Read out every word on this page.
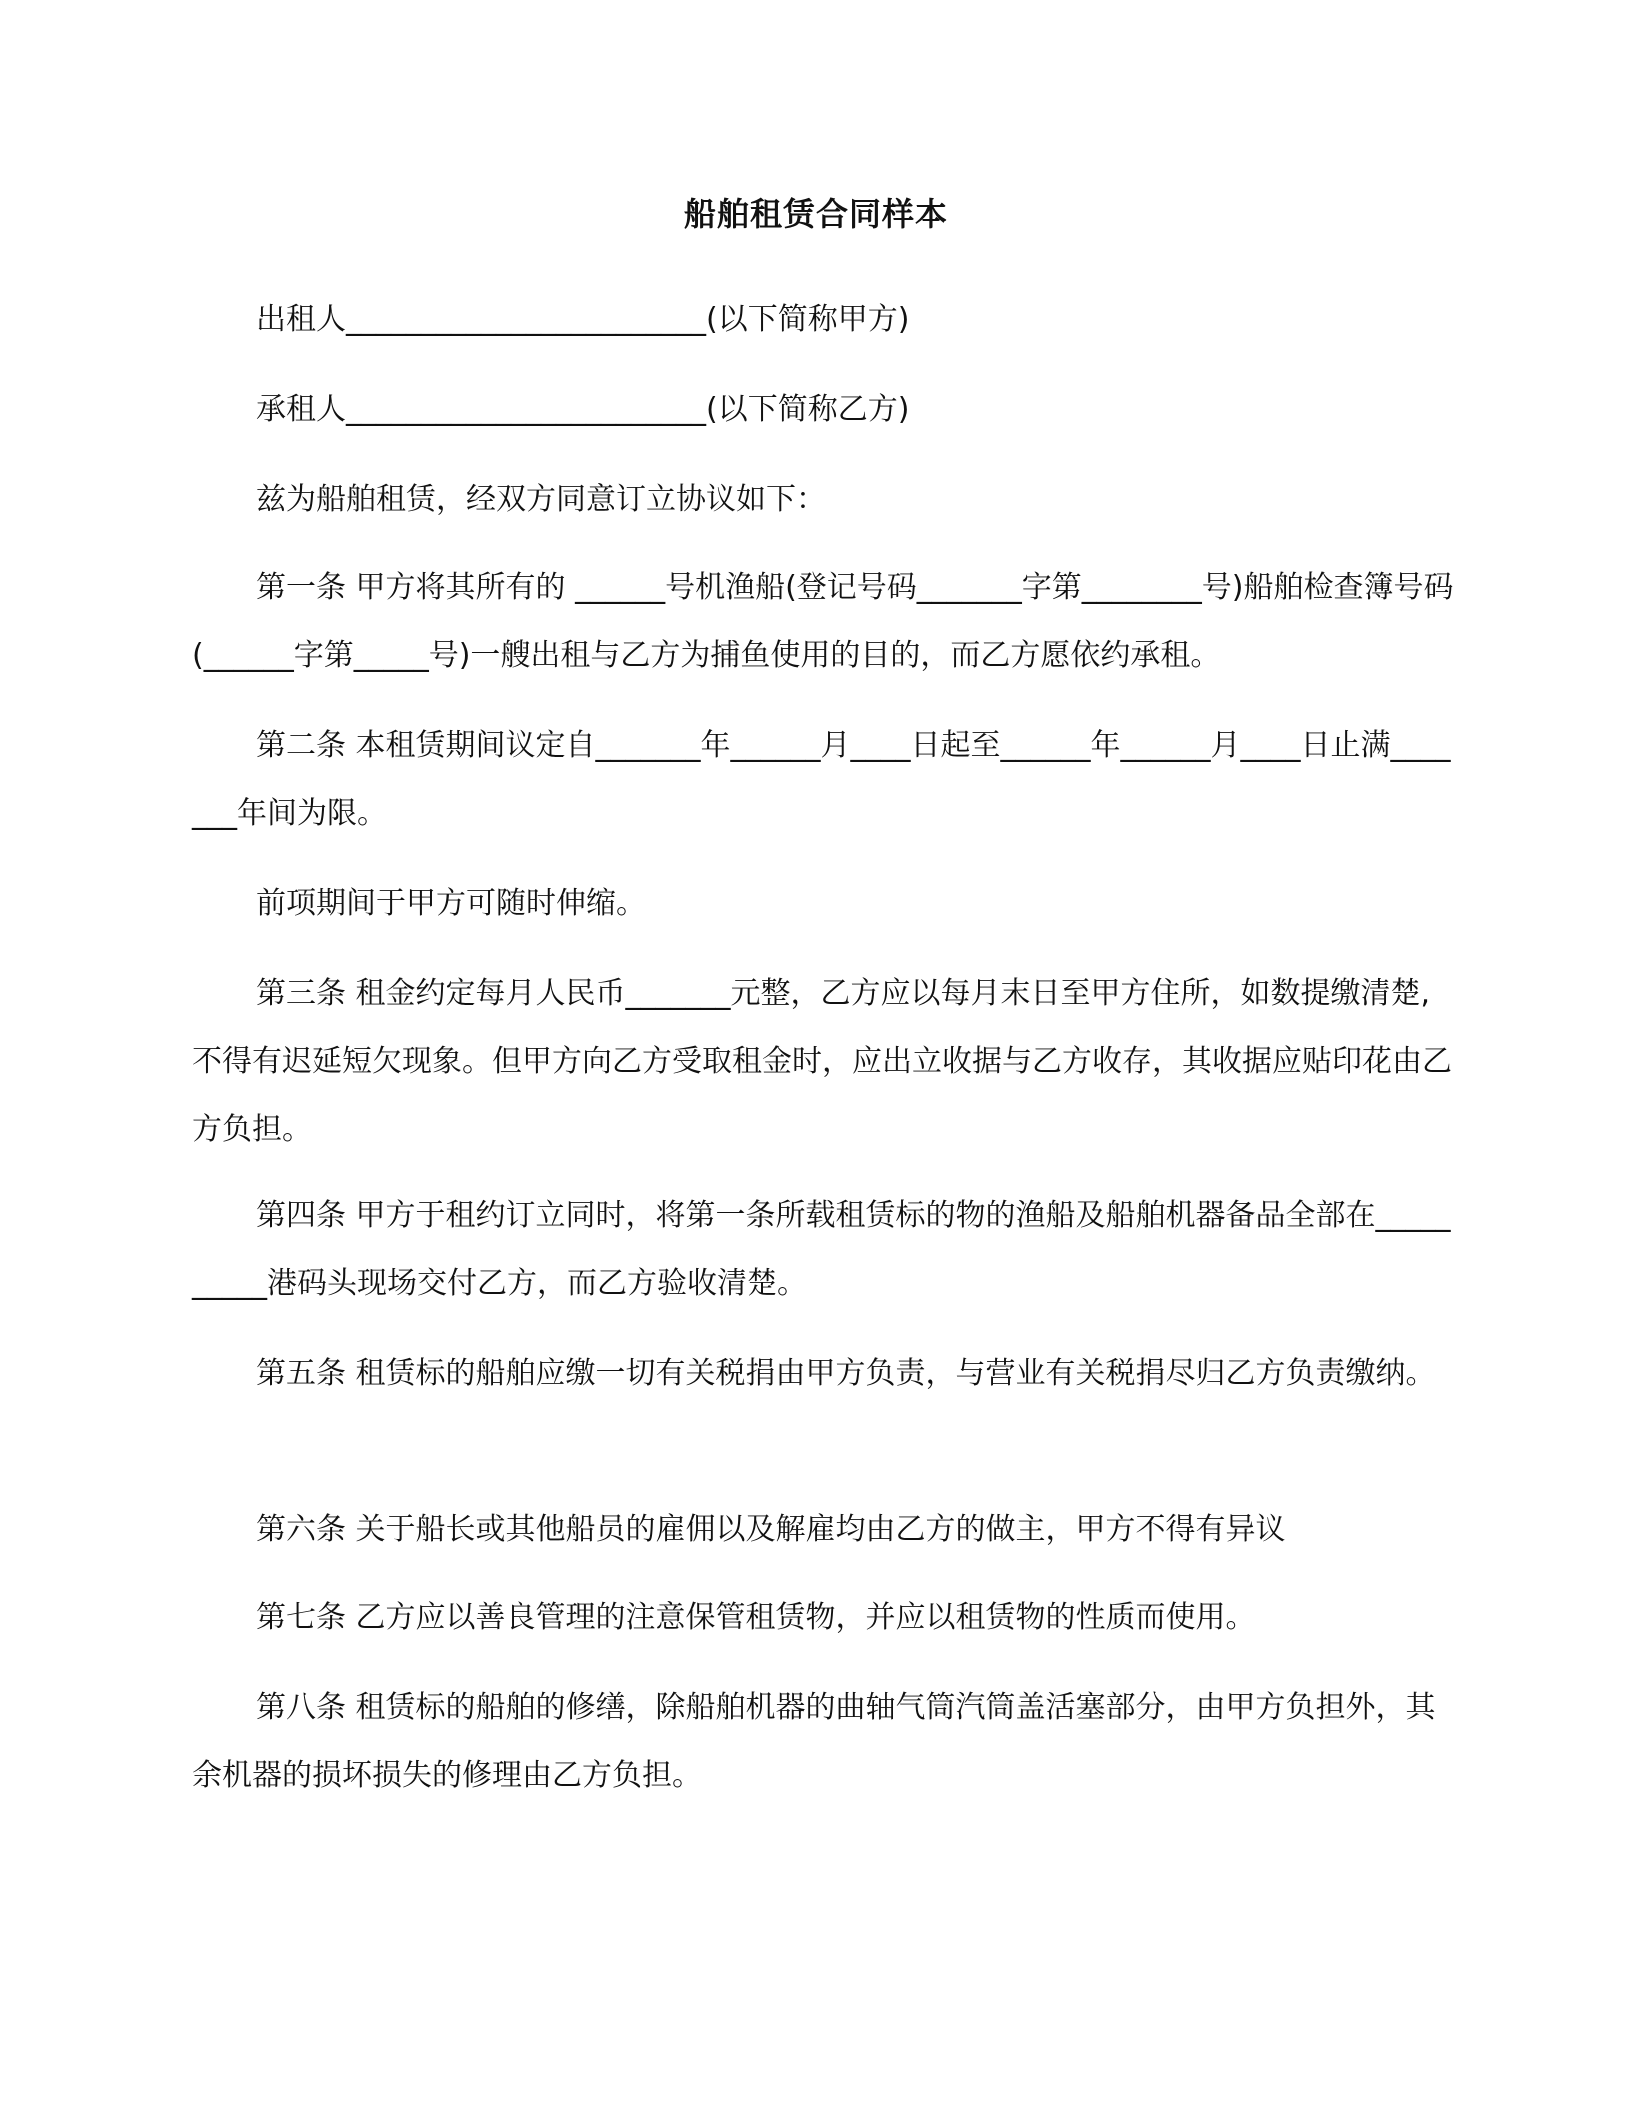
船舶租赁合同样本
出租人________________________(以下简称甲方)
承租人________________________(以下简称乙方)
兹为船舶租赁，经双方同意订立协议如下：
第一条 甲方将其所有的 ______号机渔船(登记号码_______字第________号)船舶检查簿号码(______字第_____号)一艘出租与乙方为捕鱼使用的目的，而乙方愿依约承租。
第二条 本租赁期间议定自_______年______月____日起至______年______月____日止满_______年间为限。
前项期间于甲方可随时伸缩。
第三条 租金约定每月人民币_______元整，乙方应以每月末日至甲方住所，如数提缴清楚,不得有迟延短欠现象。但甲方向乙方受取租金时，应出立收据与乙方收存，其收据应贴印花由乙方负担。
第四条 甲方于租约订立同时，将第一条所载租赁标的物的渔船及船舶机器备品全部在__________港码头现场交付乙方，而乙方验收清楚。
第五条 租赁标的船舶应缴一切有关税捐由甲方负责，与营业有关税捐尽归乙方负责缴纳。
第六条 关于船长或其他船员的雇佣以及解雇均由乙方的做主，甲方不得有异议
第七条 乙方应以善良管理的注意保管租赁物，并应以租赁物的性质而使用。
第八条 租赁标的船舶的修缮，除船舶机器的曲轴气筒汽筒盖活塞部分，由甲方负担外，其余机器的损坏损失的修理由乙方负担。
